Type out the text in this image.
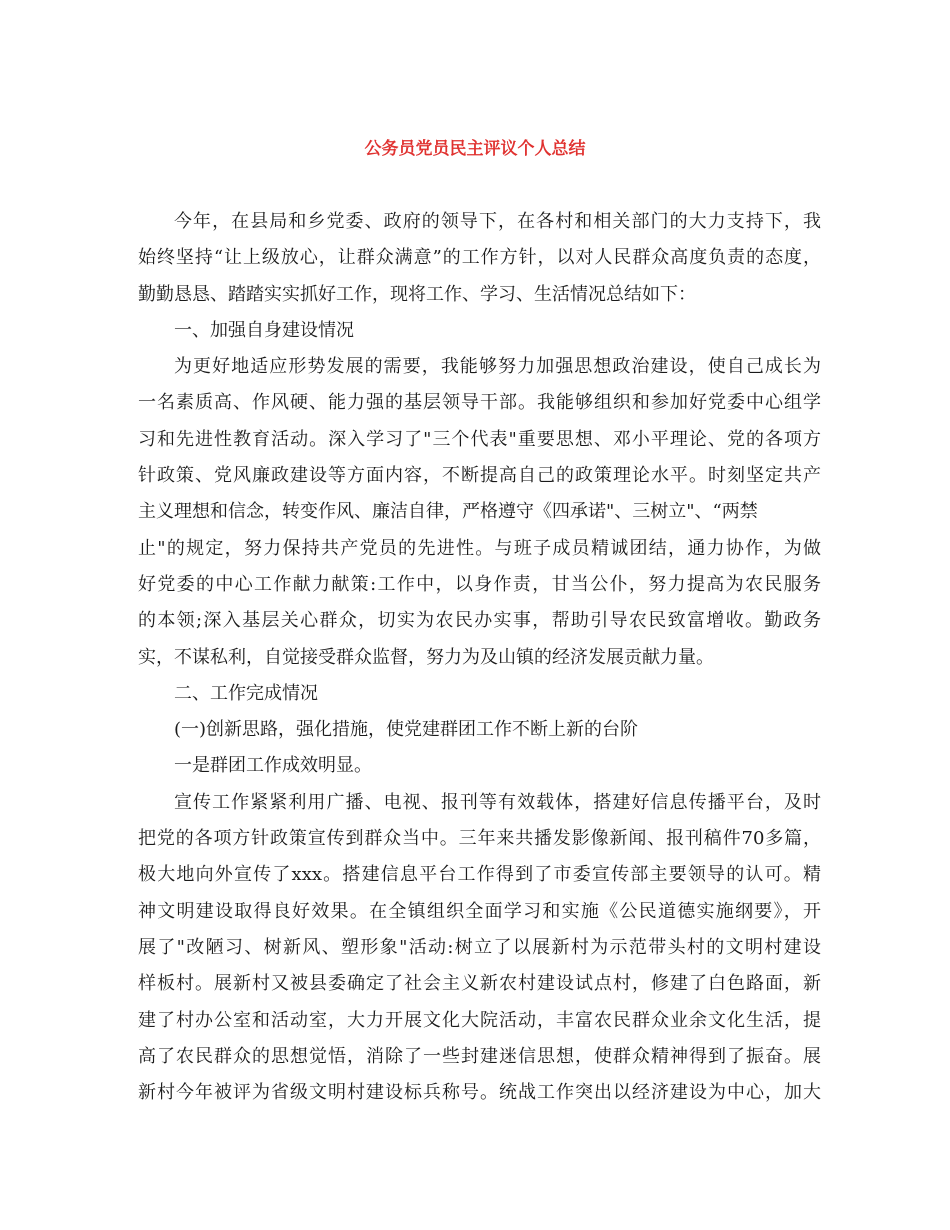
公务员党员民主评议个人总结
今年，在县局和乡党委、政府的领导下，在各村和相关部门的大力支持下，我
始终坚持“让上级放心，让群众满意”的工作方针，以对人民群众高度负责的态度，
勤勤恳恳、踏踏实实抓好工作，现将工作、学习、生活情况总结如下：
一、加强自身建设情况
为更好地适应形势发展的需要，我能够努力加强思想政治建设，使自己成长为
一名素质高、作风硬、能力强的基层领导干部。我能够组织和参加好党委中心组学
习和先进性教育活动。深入学习了"三个代表"重要思想、邓小平理论、党的各项方
针政策、党风廉政建设等方面内容，不断提高自己的政策理论水平。时刻坚定共产
主义理想和信念，转变作风、廉洁自律，严格遵守《四承诺"、三树立"、“两禁
止"的规定，努力保持共产党员的先进性。与班子成员精诚团结，通力协作，为做
好党委的中心工作献力献策:工作中，以身作责，甘当公仆，努力提高为农民服务
的本领;深入基层关心群众，切实为农民办实事，帮助引导农民致富增收。勤政务
实，不谋私利，自觉接受群众监督，努力为及山镇的经济发展贡献力量。
二、工作完成情况
(一)创新思路，强化措施，使党建群团工作不断上新的台阶
一是群团工作成效明显。
宣传工作紧紧利用广播、电视、报刊等有效载体，搭建好信息传播平台，及时
把党的各项方针政策宣传到群众当中。三年来共播发影像新闻、报刊稿件70多篇，
极大地向外宣传了xxx。搭建信息平台工作得到了市委宣传部主要领导的认可。精
神文明建设取得良好效果。在全镇组织全面学习和实施《公民道德实施纲要》，开
展了"改陋习、树新风、塑形象"活动:树立了以展新村为示范带头村的文明村建设
样板村。展新村又被县委确定了社会主义新农村建设试点村，修建了白色路面，新
建了村办公室和活动室，大力开展文化大院活动，丰富农民群众业余文化生活，提
高了农民群众的思想觉悟，消除了一些封建迷信思想，使群众精神得到了振奋。展
新村今年被评为省级文明村建设标兵称号。统战工作突出以经济建设为中心，加大
